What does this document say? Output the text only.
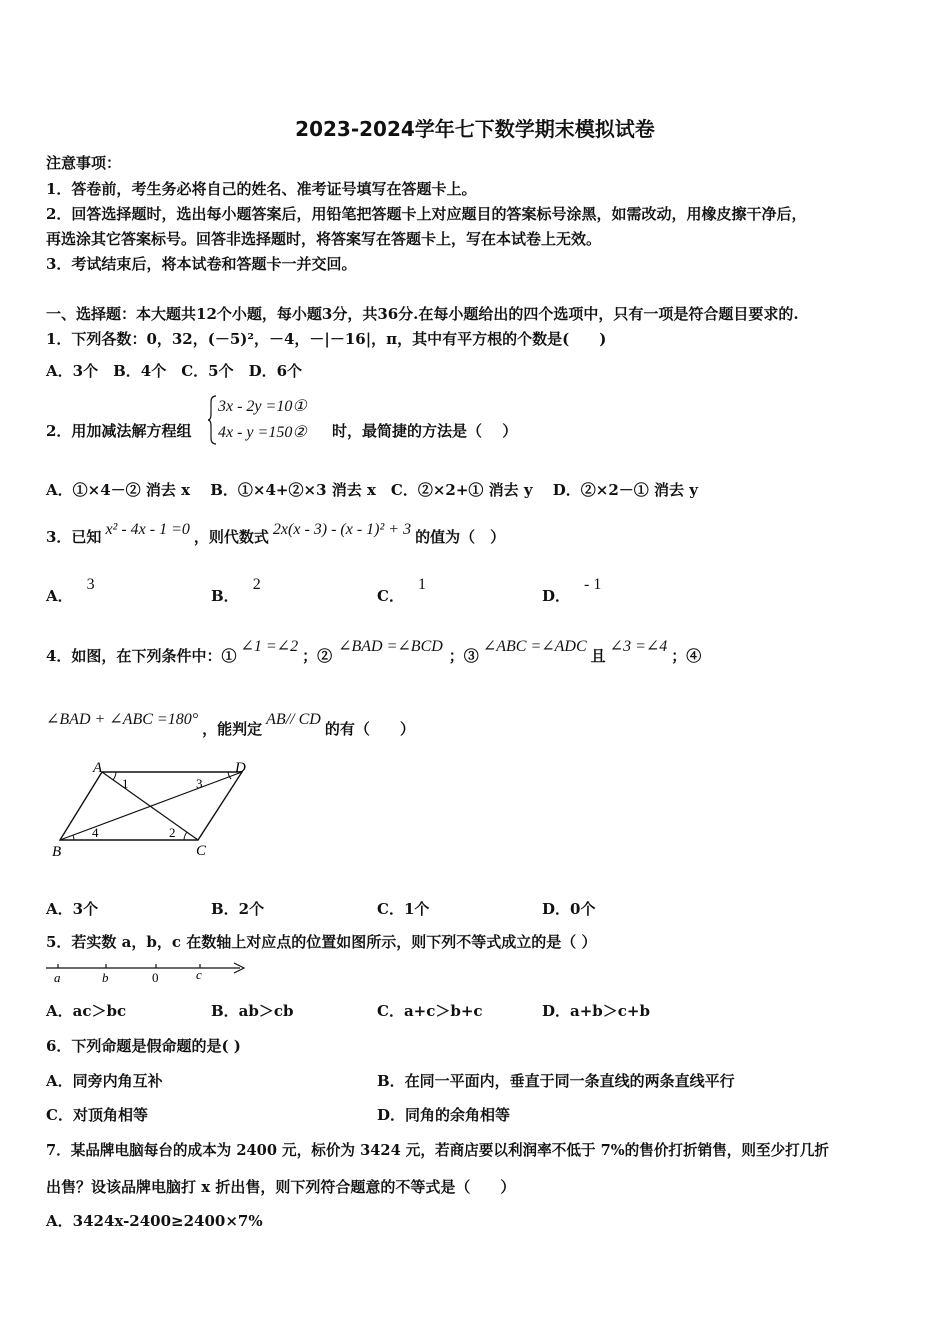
2023-2024学年七下数学期末模拟试卷
注意事项：
1．答卷前，考生务必将自己的姓名、准考证号填写在答题卡上。
2．回答选择题时，选出每小题答案后，用铅笔把答题卡上对应题目的答案标号涂黑，如需改动，用橡皮擦干净后，
再选涂其它答案标号。回答非选择题时，将答案写在答题卡上，写在本试卷上无效。
3．考试结束后，将本试卷和答题卡一并交回。
一、选择题：本大题共12个小题，每小题3分，共36分.在每小题给出的四个选项中，只有一项是符合题目要求的.
1．下列各数：0，32，(－5)²，－4，－|－16|，π，其中有平方根的个数是(　　)
A．3个　B．4个　C．5个　D．6个
2．用加减法解方程组
3x - 2y =10①
4x - y =150② 时，最简捷的方法是（　 ）
A．①×4－② 消去 x　 B．①×4+②×3 消去 x　C．②×2+① 消去 y　 D．②×2－① 消去 y
3．已知 x² - 4x - 1 =0 ，则代数式 2x(x - 3) - (x - 1)² + 3 的值为（　）
A．3
B．2
C．1
D．- 1
4．如图，在下列条件中：①∠1 =∠2；②∠BAD =∠BCD；③∠ABC =∠ADC且∠3 =∠4；④
∠BAD + ∠ABC =180°，能判定AB// CD的有（　　）
A	D
B	C
1
2
3
4
A．3个	B．2个	C．1个	D．0个
5．若实数 a，b，c 在数轴上对应点的位置如图所示，则下列不等式成立的是（ ）
a	b	0	c
A．ac＞bc	B．ab＞cb	C．a+c＞b+c	D．a+b＞c+b
6．下列命题是假命题的是( )
A．同旁内角互补	B．在同一平面内，垂直于同一条直线的两条直线平行
C．对顶角相等	D．同角的余角相等
7．某品牌电脑每台的成本为 2400 元，标价为 3424 元，若商店要以利润率不低于 7%的售价打折销售，则至少打几折
出售？设该品牌电脑打 x 折出售，则下列符合题意的不等式是（　　）
A．3424x-2400≥2400×7%
